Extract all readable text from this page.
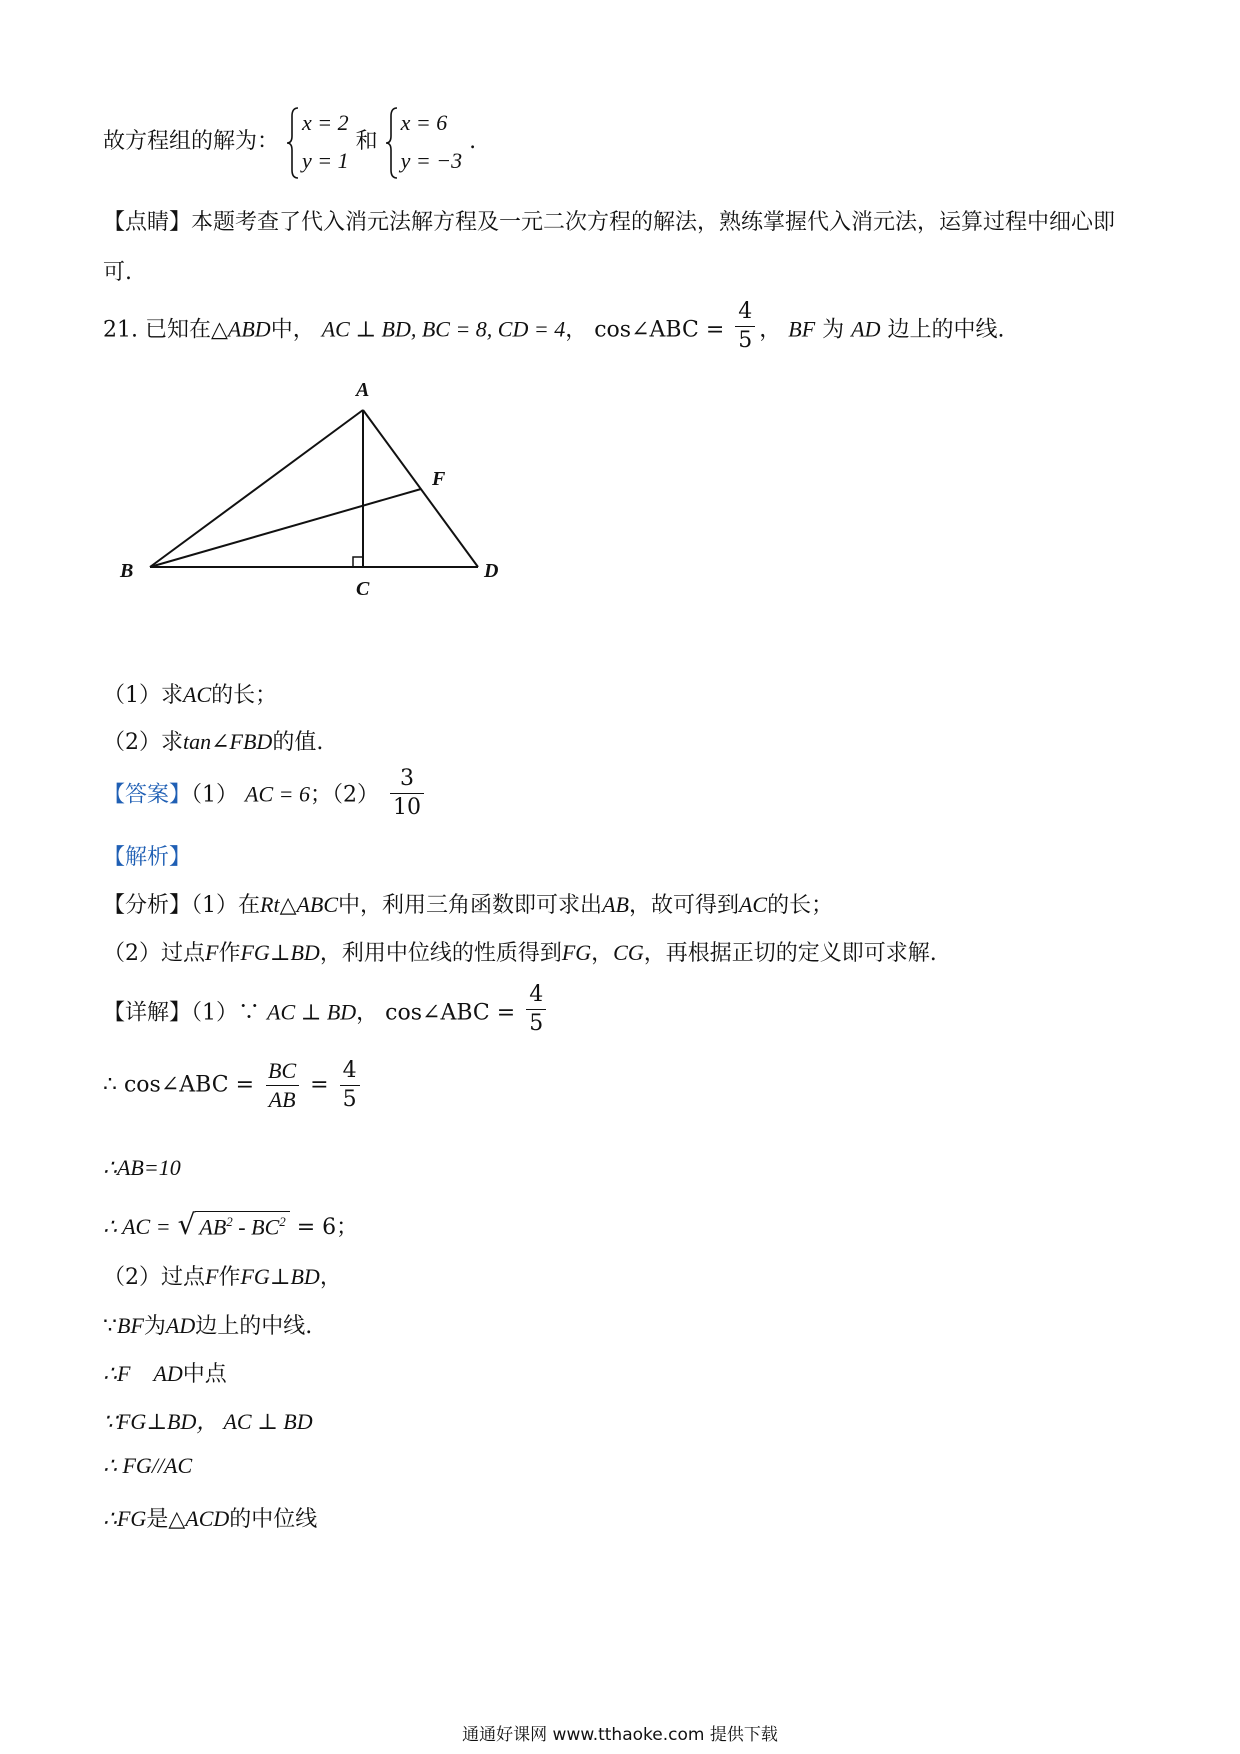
故方程组的解为：
x = 2
y = 1
和
x = 6
y = −3
.
【点睛】本题考查了代入消元法解方程及一元二次方程的解法，熟练掌握代入消元法，运算过程中细心即
可.
21. 已知在△ABD中， AC ⊥ BD, BC = 8, CD = 4， cos∠ABC = $\frac{4}{5}$ ， BF 为 AD 边上的中线.
A
B
C
D
F
（1）求AC的长；
（2）求tan∠FBD的值.
【答案】（1） AC = 6；$(2) \frac{3}{10}$
【解析】
【分析】（1）在Rt△ABC中，利用三角函数即可求出AB，故可得到AC的长；
（2）过点F作FG⊥BD，利用中位线的性质得到FG，CG，再根据正切的定义即可求解.
【详解】（1）∵ AC ⊥ BD， cos∠ABC = $\frac{4}{5}$
∴ cos∠ABC = $\frac{BC}{AB} = \frac{4}{5}$
∴AB=10
∴ AC = √ $AB^2 - BC^2 = 6$；
（2）过点F作FG⊥BD，
∵BF为AD边上的中线.
∴F AD中点
∵FG⊥BD， AC ⊥ BD
∴ FG//AC
∴FG是△ACD的中位线
通通好课网 www.tthaoke.com 提供下载
